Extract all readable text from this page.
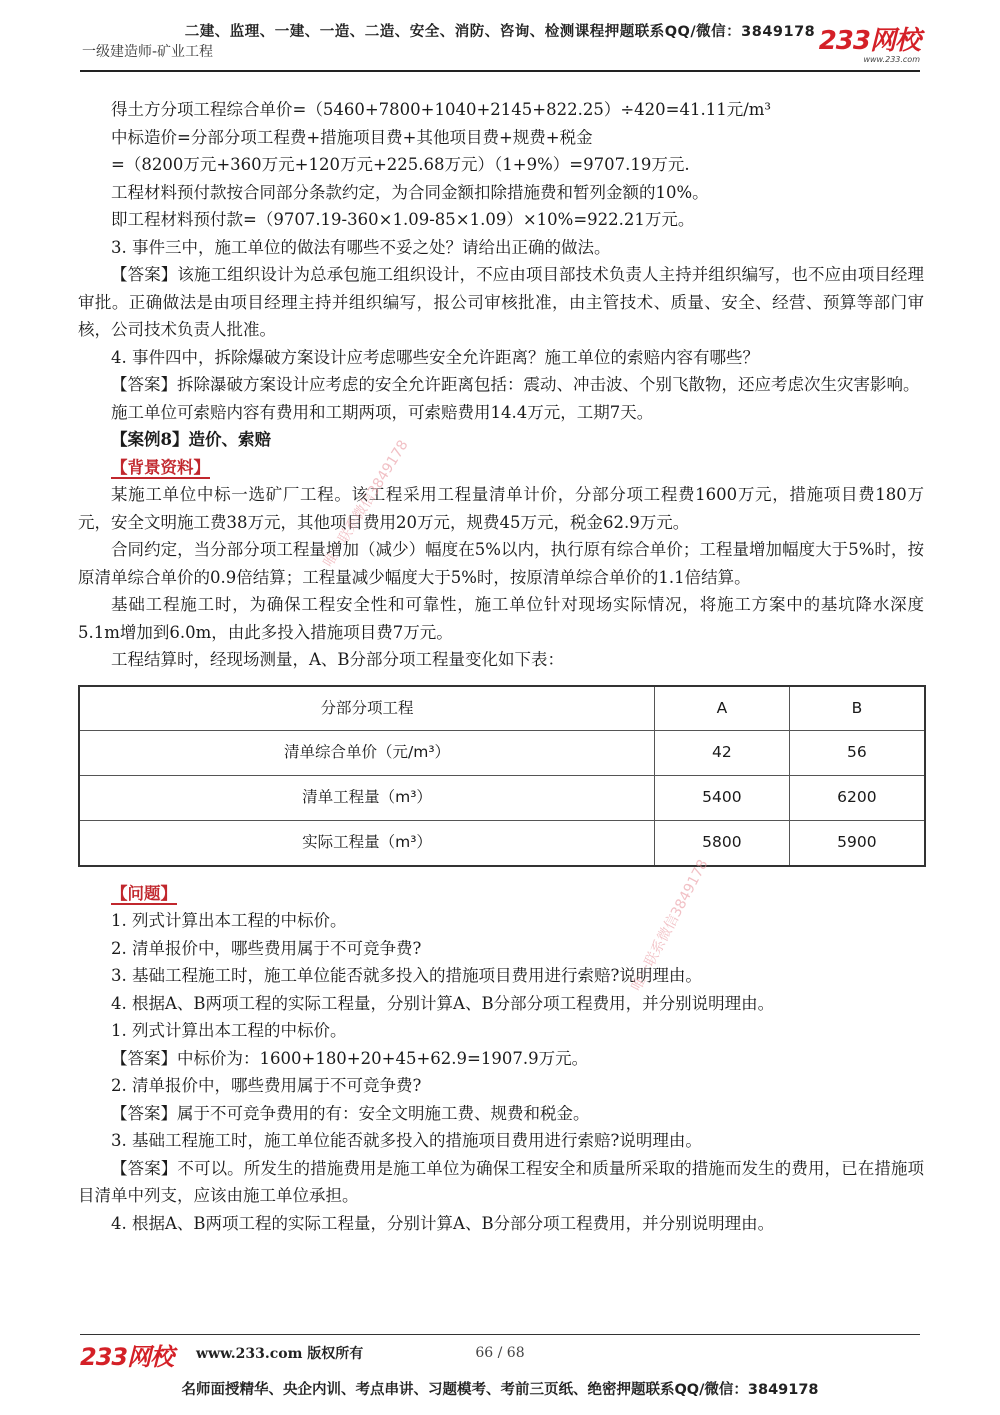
二建、监理、一建、一造、二造、安全、消防、咨询、检测课程押题联系QQ/微信：3849178
一级建造师-矿业工程	233网校
www.233.com

得土方分项工程综合单价=（5460+7800+1040+2145+822.25）÷420=41.11元/m³

中标造价=分部分项工程费+措施项目费+其他项目费+规费+税金

=（8200万元+360万元+120万元+225.68万元）（1+9%）=9707.19万元.

工程材料预付款按合同部分条款约定，为合同金额扣除措施费和暂列金额的10%。

即工程材料预付款=（9707.19-360×1.09-85×1.09）×10%=922.21万元。

3. 事件三中，施工单位的做法有哪些不妥之处？请给出正确的做法。

【答案】该施工组织设计为总承包施工组织设计，不应由项目部技术负责人主持并组织编写，也不应由项目经理审批。正确做法是由项目经理主持并组织编写，报公司审核批准，由主管技术、质量、安全、经营、预算等部门审核，公司技术负责人批准。

4. 事件四中，拆除爆破方案设计应考虑哪些安全允许距离？施工单位的索赔内容有哪些？

【答案】拆除瀑破方案设计应考虑的安全允许距离包括：震动、冲击波、个别飞散物，还应考虑次生灾害影响。

施工单位可索赔内容有费用和工期两项，可索赔费用14.4万元，工期7天。

【案例8】造价、索赔

【背景资料】

某施工单位中标一选矿厂工程。该工程采用工程量清单计价，分部分项工程费1600万元，措施项目费180万元，安全文明施工费38万元，其他项目费用20万元，规费45万元，税金62.9万元。

合同约定，当分部分项工程量增加（减少）幅度在5%以内，执行原有综合单价；工程量增加幅度大于5%时，按原清单综合单价的0.9倍结算；工程量减少幅度大于5%时，按原清单综合单价的1.1倍结算。

基础工程施工时，为确保工程安全性和可靠性，施工单位针对现场实际情况，将施工方案中的基坑降水深度5.1m增加到6.0m，由此多投入措施项目费7万元。

工程结算时，经现场测量，A、B分部分项工程量变化如下表：

分部分项工程	A	B
清单综合单价（元/m³）	42	56
清单工程量（m³）	5400	6200
实际工程量（m³）	5800	5900

【问题】

1. 列式计算出本工程的中标价。

2. 清单报价中，哪些费用属于不可竞争费?

3. 基础工程施工时，施工单位能否就多投入的措施项目费用进行索赔?说明理由。

4. 根据A、B两项工程的实际工程量，分别计算A、B分部分项工程费用，并分别说明理由。

1. 列式计算出本工程的中标价。

【答案】中标价为：1600+180+20+45+62.9=1907.9万元。

2. 清单报价中，哪些费用属于不可竞争费?

【答案】属于不可竞争费用的有：安全文明施工费、规费和税金。

3. 基础工程施工时，施工单位能否就多投入的措施项目费用进行索赔?说明理由。

【答案】不可以。所发生的措施费用是施工单位为确保工程安全和质量所采取的措施而发生的费用，已在措施项目清单中列支，应该由施工单位承担。

4. 根据A、B两项工程的实际工程量，分别计算A、B分部分项工程费用，并分别说明理由。

唯一联系微信3849178
唯一联系微信3849178
233网校 www.233.com 版权所有	66 / 68
名师面授精华、央企内训、考点串讲、习题模考、考前三页纸、绝密押题联系QQ/微信：3849178
